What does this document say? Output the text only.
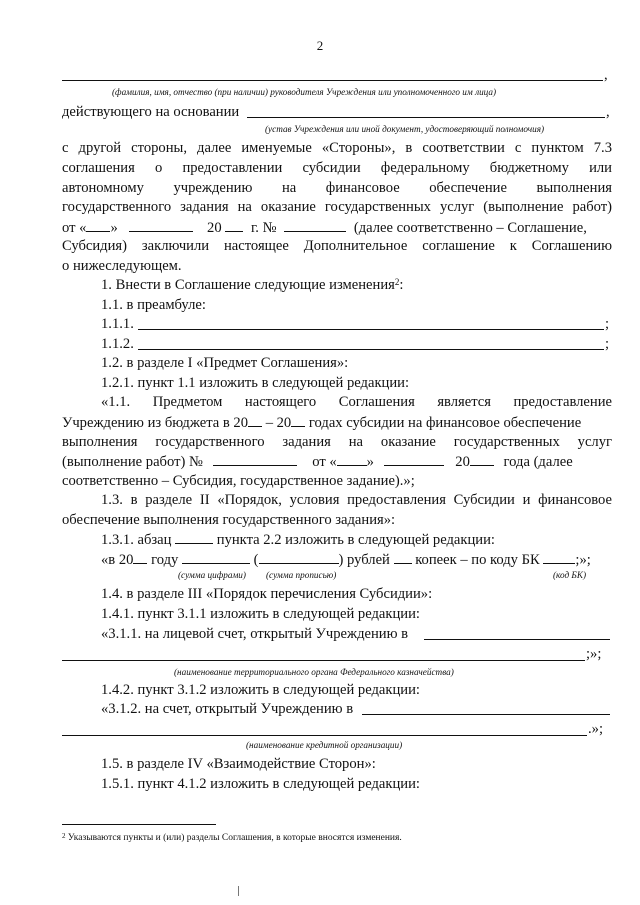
2
,
(фамилия, имя, отчество (при наличии) руководителя Учреждения или уполномоченного им лица)
действующего на основании	,
(устав Учреждения или иной документ, удостоверяющий полномочия)
с другой стороны, далее именуемые «Стороны», в соответствии с пунктом 7.3
соглашения о предоставлении субсидии федеральному бюджетному или
автономному учреждению на финансовое обеспечение выполнения
государственного задания на оказание государственных услуг (выполнение работ)
от « »	20 г. №	(далее соответственно – Соглашение,
Субсидия) заключили настоящее Дополнительное соглашение к Соглашению
о нижеследующем.
1. Внести в Соглашение следующие изменения$^2$:
1.1. в преамбуле:
1.1.1.	;
1.1.2.	;
1.2. в разделе I «Предмет Соглашения»:
1.2.1. пункт 1.1 изложить в следующей редакции:
«1.1. Предметом настоящего Соглашения является предоставление
Учреждению из бюджета в 20 – 20 годах субсидии на финансовое обеспечение
выполнения государственного задания на оказание государственных услуг
(выполнение работ) №	от « »	20 года (далее
соответственно – Субсидия, государственное задание).»;
1.3. в разделе II «Порядок, условия предоставления Субсидии и финансовое
обеспечение выполнения государственного задания»:
1.3.1. абзац	пункта 2.2 изложить в следующей редакции:
«в 20 году	(	) рублей копеек – по коду БК ;»;
(сумма цифрами) (сумма прописью)	(код БК)
1.4. в разделе III «Порядок перечисления Субсидии»:
1.4.1. пункт 3.1.1 изложить в следующей редакции:
«3.1.1. на лицевой счет, открытый Учреждению в
;»;
(наименование территориального органа Федерального казначейства)
1.4.2. пункт 3.1.2 изложить в следующей редакции:
«3.1.2. на счет, открытый Учреждению в
.»;
(наименование кредитной организации)
1.5. в разделе IV «Взаимодействие Сторон»:
1.5.1. пункт 4.1.2 изложить в следующей редакции:
$^2$ Указываются пункты и (или) разделы Соглашения, в которые вносятся изменения.
